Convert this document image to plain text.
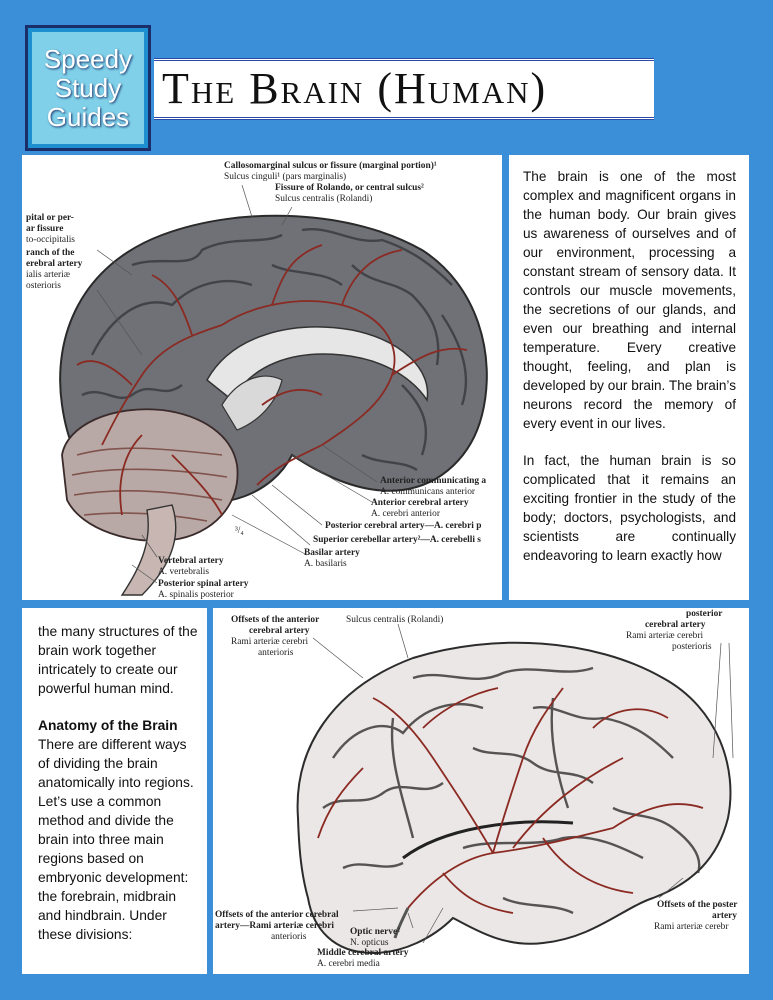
Speedy
Study
Guides
The Brain (Human)
Callosomarginal sulcus or fissure (marginal portion)¹
Sulcus cinguli¹ (pars marginalis)
Fissure of Rolando, or central sulcus²
Sulcus centralis (Rolandi)
pital or per-
ar fissure
to-occipitalis
ranch of the
erebral artery
ialis arteriæ
osterioris
Anterior communicating a
A. communicans anterior
Anterior cerebral artery
A. cerebri anterior
Posterior cerebral artery—A. cerebri p
³/₄
Superior cerebellar artery²—A. cerebelli s
Basilar artery
A. basilaris
Vertebral artery
A. vertebralis
Posterior spinal artery
A. spinalis posterior

The brain is one of the most complex and magnificent organs in the human body. Our brain gives us awareness of ourselves and of our environment, processing a constant stream of sensory data. It controls our muscle movements, the secretions of our glands, and even our breathing and internal temperature. Every creative thought, feeling, and plan is developed by our brain. The brain’s neurons record the memory of every event in our lives.

In fact, the human brain is so complicated that it remains an exciting frontier in the study of the body; doctors, psychologists, and scientists are continually endeavoring to learn exactly how

the many structures of the brain work together intricately to create our powerful human mind.

Anatomy of the Brain

There are different ways of dividing the brain anatomically into regions. Let’s use a common method and divide the brain into three main regions based on embryonic development: the forebrain, midbrain and hindbrain. Under these divisions:

Offsets of the anterior
cerebral artery
Rami arteriæ cerebri
anterioris
Sulcus centralis (Rolandi)
posterior
cerebral artery
Rami arteriæ cerebri
posterioris
Offsets of the poster
artery
Rami arteriæ cerebr
Offsets of the anterior cerebral
artery—Rami arteriæ cerebri
anterioris	Optic nerve²
N. opticus
Middle cerebral artery
A. cerebri media
